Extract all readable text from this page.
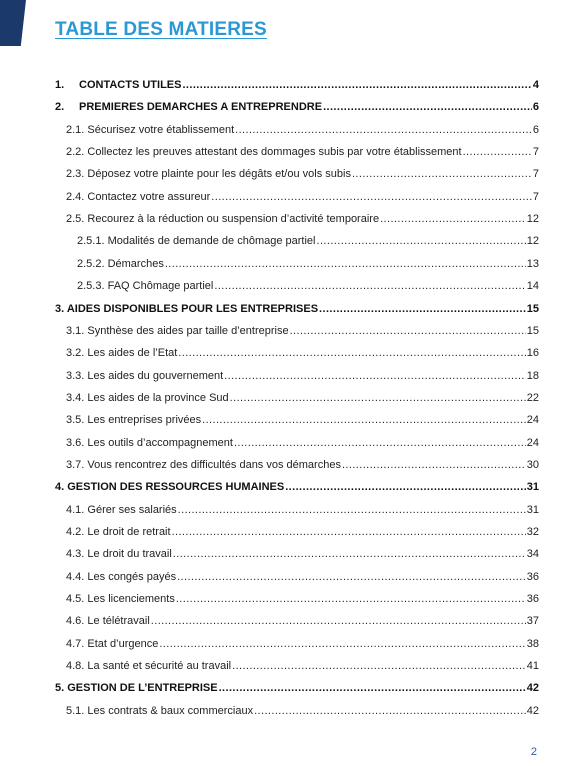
TABLE DES MATIERES
1.	CONTACTS UTILES .....	4
2.	PREMIERES DEMARCHES A ENTREPRENDRE .....	6
2.1. Sécurisez votre établissement .....	6
2.2. Collectez les preuves attestant des dommages subis par votre établissement .....	7
2.3. Déposez votre plainte pour les dégâts et/ou vols subis .....	7
2.4. Contactez votre assureur .....	7
2.5. Recourez à la réduction ou suspension d’activité temporaire .....	12
2.5.1. Modalités de demande de chômage partiel .....	12
2.5.2. Démarches .....	13
2.5.3. FAQ Chômage partiel .....	14
3. AIDES DISPONIBLES POUR LES ENTREPRISES .....	15
3.1. Synthèse des aides par taille d’entreprise .....	15
3.2. Les aides de l’Etat .....	16
3.3. Les aides du gouvernement .....	18
3.4. Les aides de la province Sud .....	22
3.5. Les entreprises privées .....	24
3.6. Les outils d’accompagnement .....	24
3.7. Vous rencontrez des difficultés dans vos démarches .....	30
4. GESTION DES RESSOURCES HUMAINES .....	31
4.1. Gérer ses salariés .....	31
4.2. Le droit de retrait .....	32
4.3. Le droit du travail .....	34
4.4. Les congés payés .....	36
4.5. Les licenciements .....	36
4.6. Le télétravail .....	37
4.7. Etat d’urgence .....	38
4.8. La santé et sécurité au travail .....	41
5. GESTION DE L’ENTREPRISE .....	42
5.1. Les contrats & baux commerciaux .....	42
2
